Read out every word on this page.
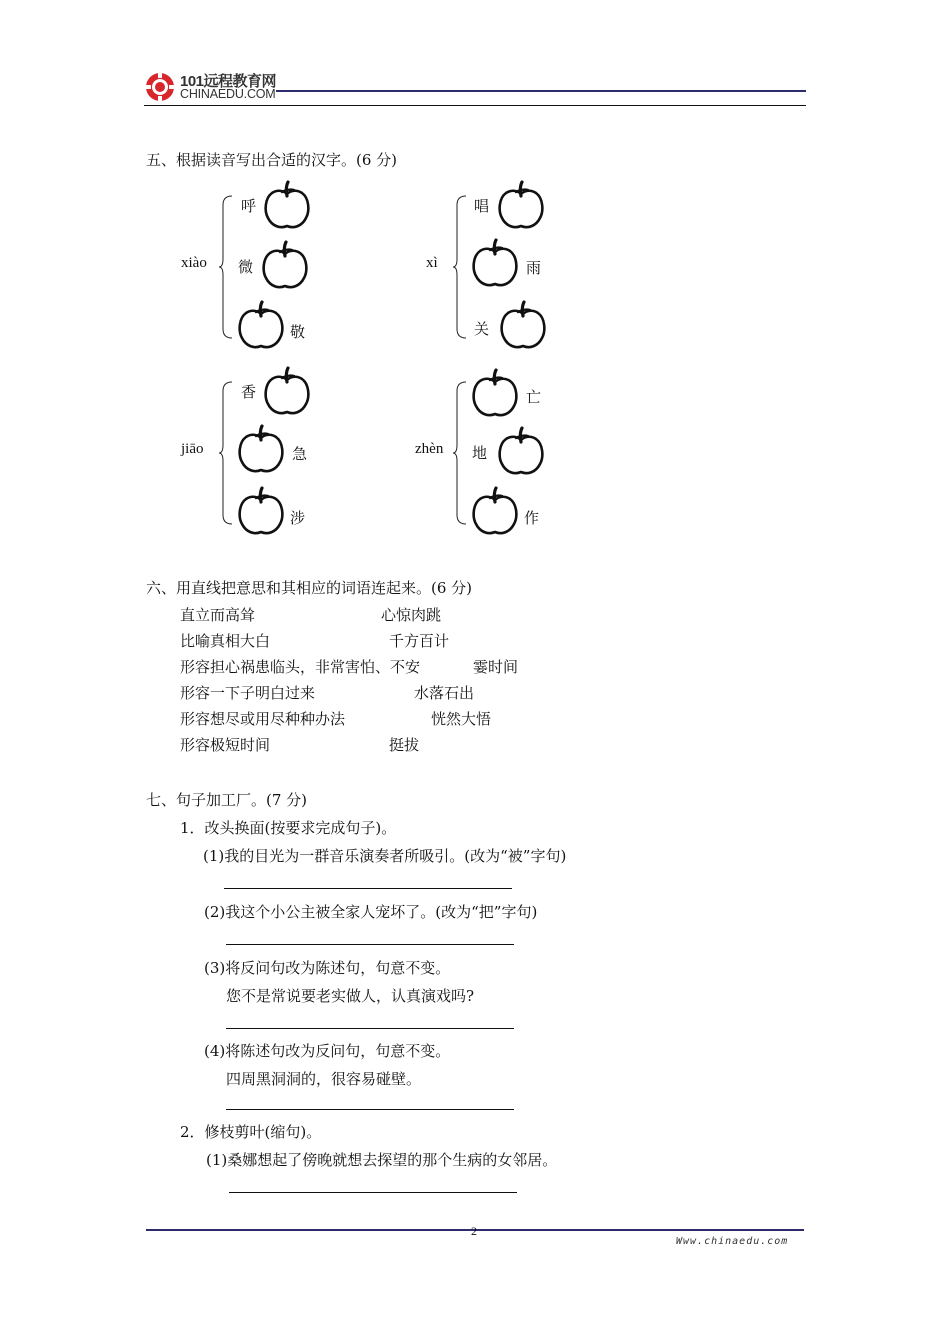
101远程教育网
CHINAEDU.COM
五、根据读音写出合适的汉字。(6 分)
xiào
呼
微
敬
xì
唱
雨
关
jiāo
香
急
涉
zhèn
亡
地
作
六、用直线把意思和其相应的词语连起来。(6 分)
直立而高耸
比喻真相大白
形容担心祸患临头，非常害怕、不安
形容一下子明白过来
形容想尽或用尽种种办法
形容极短时间
心惊肉跳
千方百计
霎时间
水落石出
恍然大悟
挺拔
七、句子加工厂。(7 分)
1．改头换面(按要求完成句子)。
(1)我的目光为一群音乐演奏者所吸引。(改为“被”字句)
(2)我这个小公主被全家人宠坏了。(改为“把”字句)
(3)将反问句改为陈述句，句意不变。
您不是常说要老实做人，认真演戏吗?
(4)将陈述句改为反问句，句意不变。
四周黑洞洞的，很容易碰壁。
2．修枝剪叶(缩句)。
(1)桑娜想起了傍晚就想去探望的那个生病的女邻居。
2
Www.chinaedu.com
